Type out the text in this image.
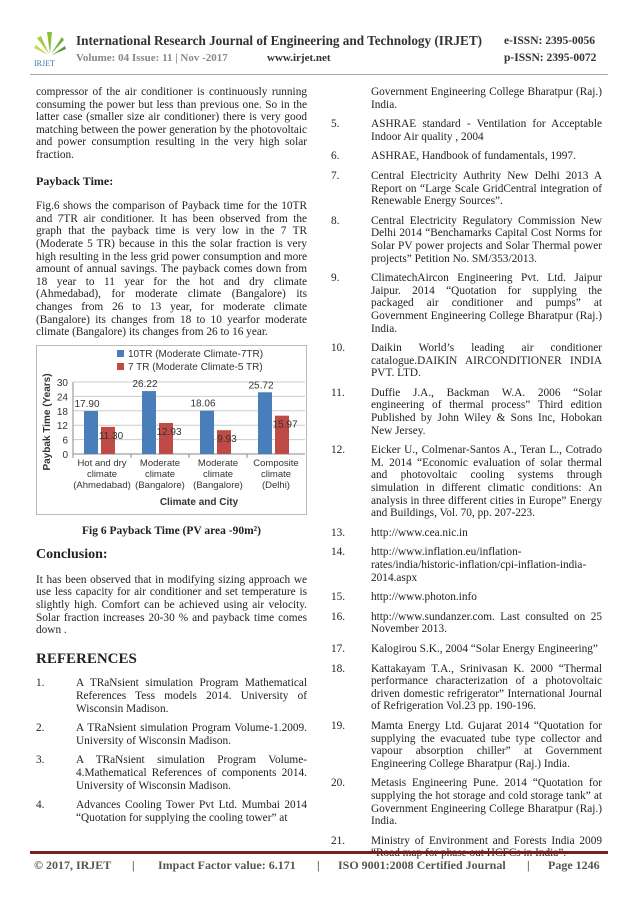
IRJET
International Research Journal of Engineering and Technology (IRJET) e-ISSN: 2395-0056
Volume: 04 Issue: 11 | Nov -2017	www.irjet.net	p-ISSN: 2395-0072

compressor of the air conditioner is continuously running consuming the power but less than previous one. So in the latter case (smaller size air conditioner) there is very good matching between the power generation by the photovoltaic and power consumption resulting in the very high solar fraction.

Payback Time:

Fig.6 shows the comparison of Payback time for the 10TR and 7TR air conditioner. It has been observed from the graph that the payback time is very low in the 7 TR (Moderate 5 TR) because in this the solar fraction is very high resulting in the less grid power consumption and more amount of annual savings. The payback comes down from 18 year to 11 year for the hot and dry climate (Ahmedabad), for moderate climate (Bangalore) its changes from 26 to 13 year, for moderate climate (Bangalore) its changes from 18 to 10 yearfor moderate climate (Bangalore) its changes from 26 to 16 year.

10TR (Moderate Climate-7TR)
7 TR (Moderate Climate-5 TR)
0
6
12
18
24
30
17.90
11.30
Hot and dry climate (Ahmedabad)
26.22
12.93
Moderate climate (Bangalore)
18.06
9.93
Moderate climate (Bangalore)
25.72
15.97
Composite climate (Delhi)
Climate and City
Paybak Time (Years)
Fig 6 Payback Time (PV area -90m²)
Conclusion:

It has been observed that in modifying sizing approach we use less capacity for air conditioner and set temperature is slightly high. Comfort can be achieved using air velocity. Solar fraction increases 20-30 % and payback time comes down .

REFERENCES
1.	A TRaNsient simulation Program Mathematical References Tess models 2014. University of Wisconsin Madison.
2.	A TRaNsient simulation Program Volume-1.2009. University of Wisconsin Madison.
3.	A TRaNsient simulation Program Volume-4.Mathematical References of components 2014. University of Wisconsin Madison.
4.	Advances Cooling Tower Pvt Ltd. Mumbai 2014 “Quotation for supplying the cooling tower” at
Government Engineering College Bharatpur (Raj.) India.
5.	ASHRAE standard - Ventilation for Acceptable Indoor Air quality , 2004
6.	ASHRAE, Handbook of fundamentals, 1997.
7.	Central Electricity Authrity New Delhi 2013 A Report on “Large Scale GridCentral integration of Renewable Energy Sources”.
8.	Central Electricity Regulatory Commission New Delhi 2014 “Benchamarks Capital Cost Norms for Solar PV power projects and Solar Thermal power projects” Petition No. SM/353/2013.
9.	ClimatechAircon Engineering Pvt. Ltd. Jaipur Jaipur. 2014 “Quotation for supplying the packaged air conditioner and pumps” at Government Engineering College Bharatpur (Raj.) India.
10.	Daikin World’s leading air conditioner catalogue.DAIKIN AIRCONDITIONER INDIA PVT. LTD.
11.	Duffie J.A., Backman W.A. 2006 “Solar engineering of thermal process” Third edition Published by John Wiley & Sons Inc, Hobokan New Jersey.
12.	Eicker U., Colmenar-Santos A., Teran L., Cotrado M. 2014 “Economic evaluation of solar thermal and photovoltaic cooling systems through simulation in different climatic conditions: An analysis in three different cities in Europe” Energy and Buildings, Vol. 70, pp. 207-223.
13.	http://www.cea.nic.in
14.	http://www.inflation.eu/inflation-rates/india/historic-inflation/cpi-inflation-india-2014.aspx
15.	http://www.photon.info
16.	http://www.sundanzer.com. Last consulted on 25 November 2013.
17.	Kalogirou S.K., 2004 “Solar Energy Engineering”
18.	Kattakayam T.A., Srinivasan K. 2000 “Thermal performance characterization of a photovoltaic driven domestic refrigerator” International Journal of Refrigeration Vol.23 pp. 190-196.
19.	Mamta Energy Ltd. Gujarat 2014 “Quotation for supplying the evacuated tube type collector and vapour absorption chiller” at Government Engineering College Bharatpur (Raj.) India.
20.	Metasis Engineering Pune. 2014 “Quotation for supplying the hot storage and cold storage tank” at Government Engineering College Bharatpur (Raj.) India.
21.	Ministry of Environment and Forests India 2009
© 2017, IRJET | Impact Factor value: 6.171 | ISO 9001:2008 Certified Journal | Page 1246
